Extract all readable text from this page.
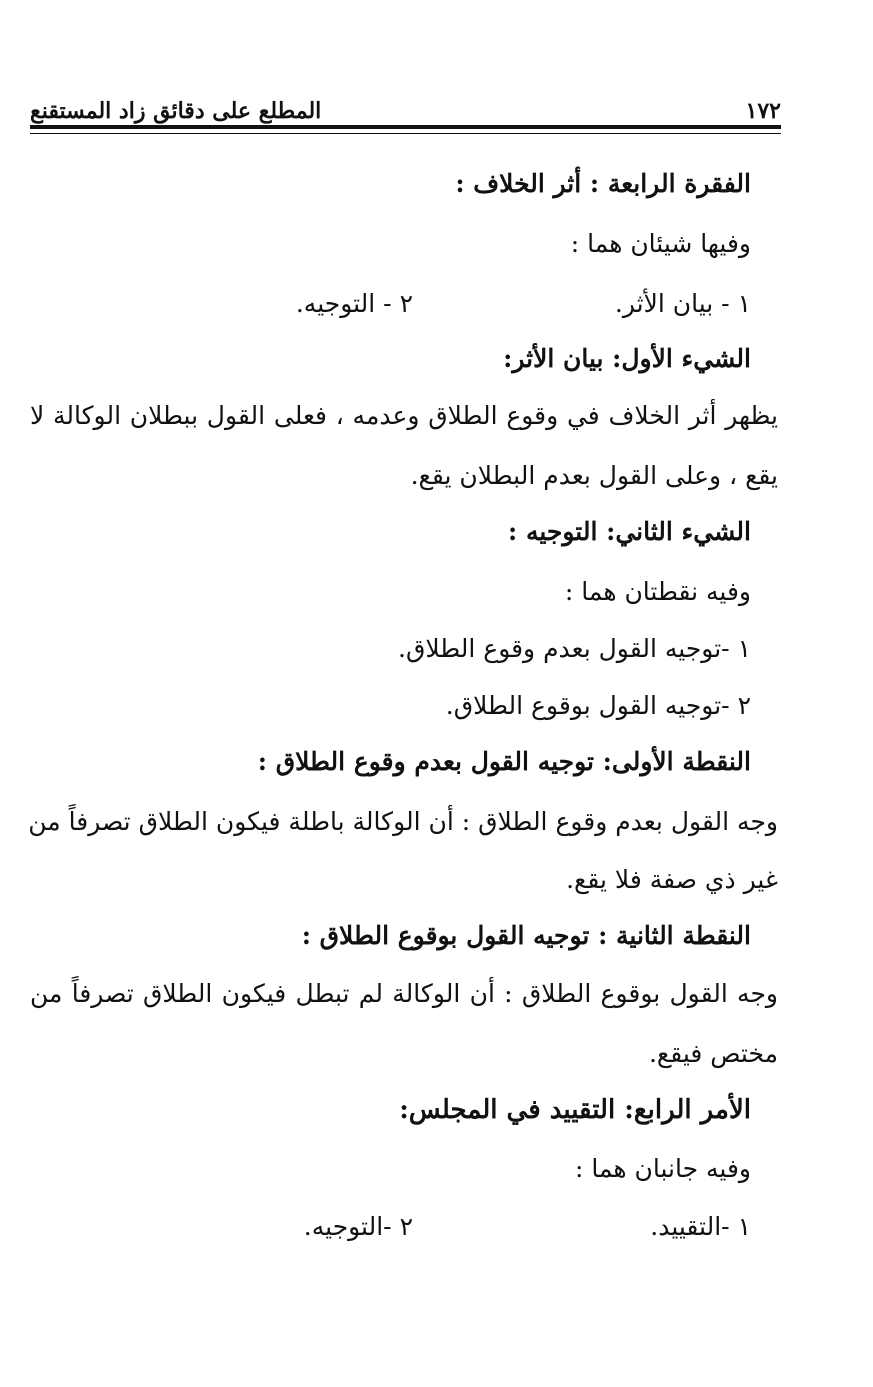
١٧٢
المطلع على دقائق زاد المستقنع
الفقرة الرابعة : أثر الخلاف :
وفيها شيئان هما :
١ - بيان الأثر.
٢ - التوجيه.
الشيء الأول: بيان الأثر:
يظهر أثر الخلاف في وقوع الطلاق وعدمه ، فعلى القول ببطلان الوكالة لا
يقع ، وعلى القول بعدم البطلان يقع.
الشيء الثاني: التوجيه :
وفيه نقطتان هما :
١ -توجيه القول بعدم وقوع الطلاق.
٢ -توجيه القول بوقوع الطلاق.
النقطة الأولى: توجيه القول بعدم وقوع الطلاق :
وجه القول بعدم وقوع الطلاق : أن الوكالة باطلة فيكون الطلاق تصرفاً من
غير ذي صفة فلا يقع.
النقطة الثانية : توجيه القول بوقوع الطلاق :
وجه القول بوقوع الطلاق : أن الوكالة لم تبطل فيكون الطلاق تصرفاً من
مختص فيقع.
الأمر الرابع: التقييد في المجلس:
وفيه جانبان هما :
١ -التقييد.
٢ -التوجيه.
